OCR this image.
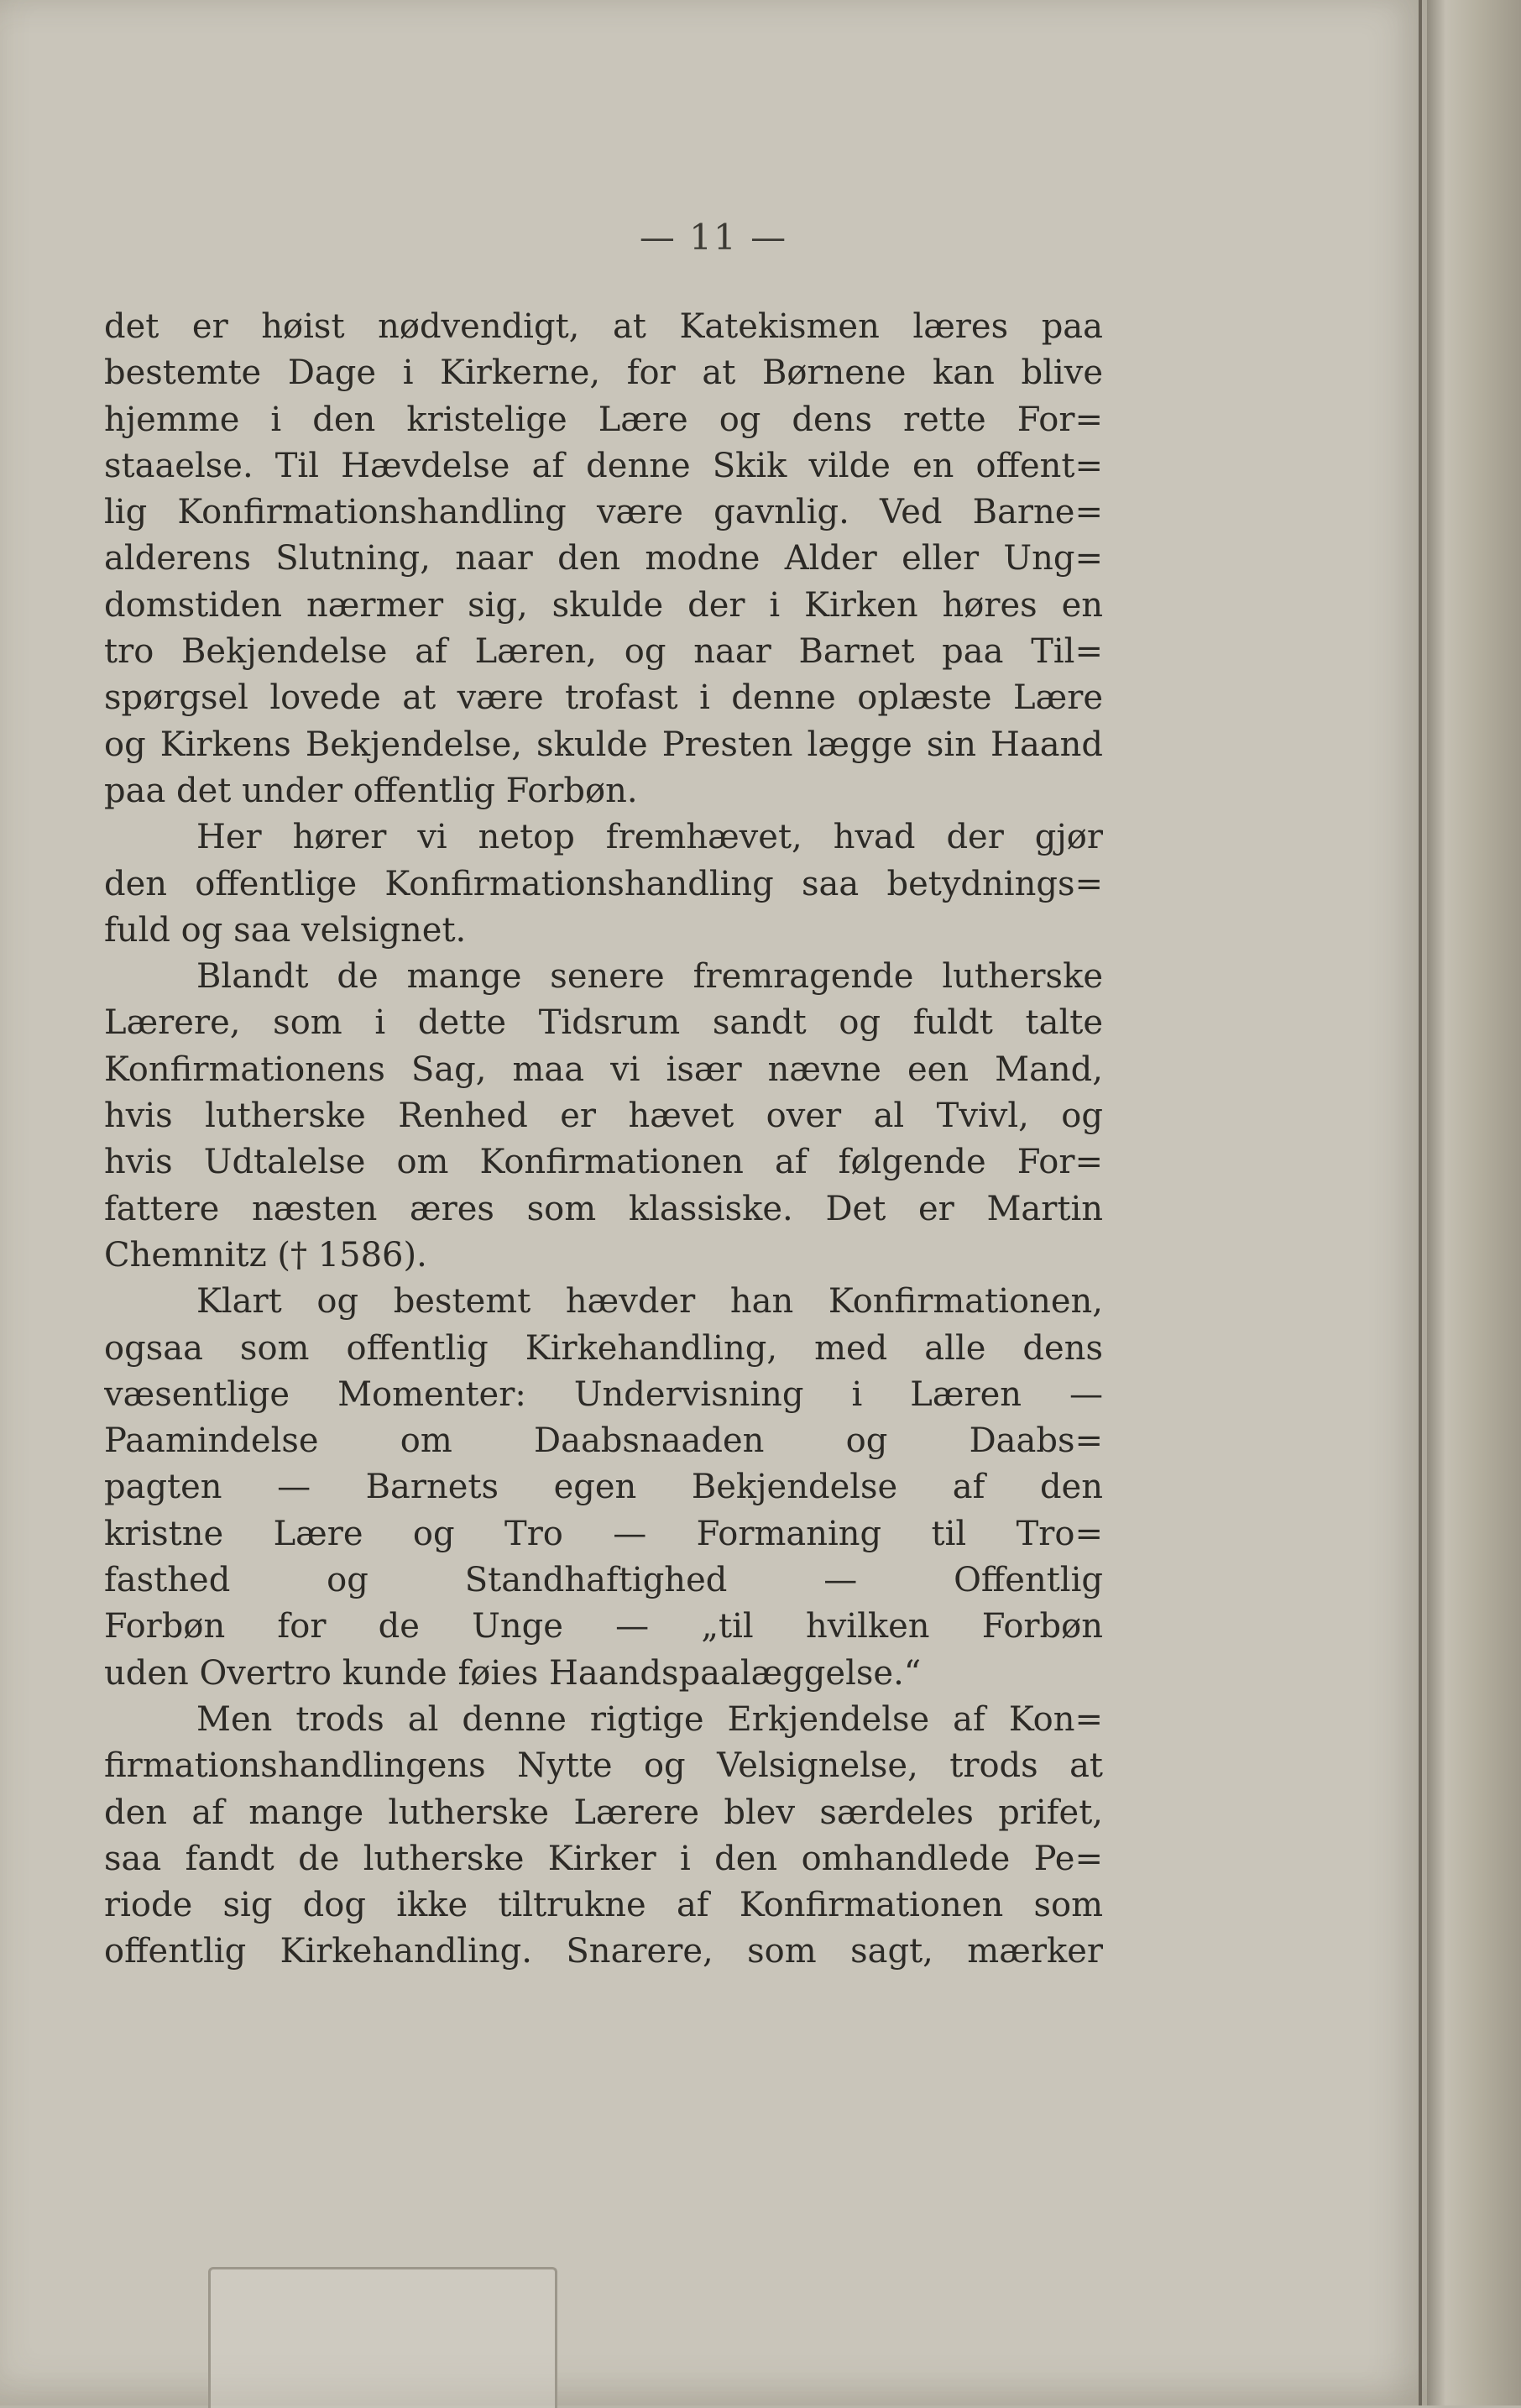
— 11 —
det er høist nødvendigt, at Katekismen læres paa
bestemte Dage i Kirkerne, for at Børnene kan blive
hjemme i den kristelige Lære og dens rette For=
staaelse. Til Hævdelse af denne Skik vilde en offent=
lig Konfirmationshandling være gavnlig. Ved Barne=
alderens Slutning, naar den modne Alder eller Ung=
domstiden nærmer sig, skulde der i Kirken høres en
tro Bekjendelse af Læren, og naar Barnet paa Til=
spørgsel lovede at være trofast i denne oplæste Lære
og Kirkens Bekjendelse, skulde Presten lægge sin Haand
paa det under offentlig Forbøn.
Her hører vi netop fremhævet, hvad der gjør
den offentlige Konfirmationshandling saa betydnings=
fuld og saa velsignet.
Blandt de mange senere fremragende lutherske
Lærere, som i dette Tidsrum sandt og fuldt talte
Konfirmationens Sag, maa vi især nævne een Mand,
hvis lutherske Renhed er hævet over al Tvivl, og
hvis Udtalelse om Konfirmationen af følgende For=
fattere næsten æres som klassiske. Det er Martin
Chemnitz († 1586).
Klart og bestemt hævder han Konfirmationen,
ogsaa som offentlig Kirkehandling, med alle dens
væsentlige Momenter: Undervisning i Læren —
Paamindelse om Daabsnaaden og Daabs=
pagten — Barnets egen Bekjendelse af den
kristne Lære og Tro — Formaning til Tro=
fasthed og Standhaftighed — Offentlig
Forbøn for de Unge — „til hvilken Forbøn
uden Overtro kunde føies Haandspaalæggelse.“
Men trods al denne rigtige Erkjendelse af Kon=
firmationshandlingens Nytte og Velsignelse, trods at
den af mange lutherske Lærere blev særdeles prifet,
saa fandt de lutherske Kirker i den omhandlede Pe=
riode sig dog ikke tiltrukne af Konfirmationen som
offentlig Kirkehandling. Snarere, som sagt, mærker
